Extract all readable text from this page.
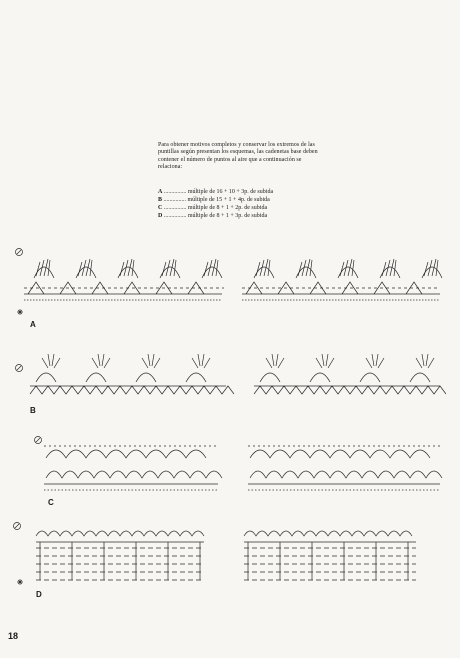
Para obtener motivos completos y conservar los extremos de las puntillas según presentan los esquemas, las cadenetas base deben contener el número de puntos al aire que a continuación se relaciona:

A ............... múltiple de 16 + 10 + 3p. de subida
B ............... múltiple de 15 + 1 + 4p. de subida
C ............... múltiple de 8 + 1 + 2p. de subida
D ............... múltiple de 8 + 1 + 3p. de subida
A
B
C
D
18
